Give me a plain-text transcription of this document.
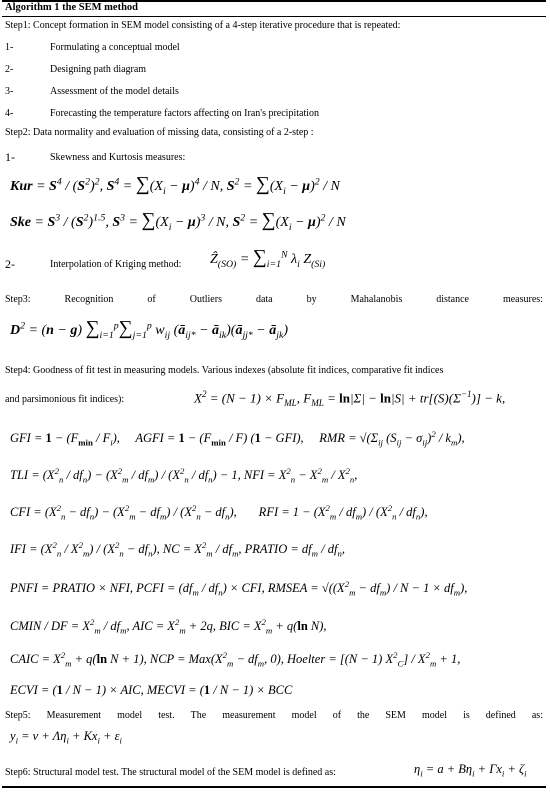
Algorithm 1 the SEM method
Step1: Concept formation in SEM model consisting of a 4-step iterative procedure that is repeated:
1-	Formulating a conceptual model
2-	Designing path diagram
3-	Assessment of the model details
4-	Forecasting the temperature factors affecting on Iran's precipitation
Step2: Data normality and evaluation of missing data, consisting of a 2-step :
1-	Skewness and Kurtosis measures:
Kur = $S^4 / (S^2)^2$, $S^4 = \sum(X_i - \mu)^4 / N$, $S^2 = \sum(X_i - \mu)^2 / N$
Ske = $S^3 / (S^2)^{1.5}$, $S^3 = \sum(X_i - \mu)^3 / N$, $S^2 = \sum(X_i - \mu)^2 / N$
2-	Interpolation of Kriging method: Ẑ$_{(SO)}$ = $\sum_{i=1}^N$ $\lambda_i$ $Z_{(Si)}$
Step3:	Recognition	of	Outliers	data	by	Mahalanobis	distance	measures:
$D^2 = (n - g)$ $\sum_{i=1}^p\sum_{j=1}^p$ $w_{ij}$ ($ā_{ij*}$ − $ā_{ik})(ā_{jj*}$ − $ā_{jk}$)
Step4: Goodness of fit test in measuring models. Various indexes (absolute fit indices, comparative fit indices
and parsimonious fit indices):	$X^2 = (N - 1) \times F_{ML}$, $F_{ML} = \ln|\Sigma| - \ln|S| + tr[(S)(\Sigma^{-1})] - k$,
GFI = $1 - (F_{min} / F_i)$,     AGFI = $1 - (F_{min} / F) (1 - GFI)$,     RMR = $√(\Sigma_{ij}$ $(S_{ij} - \sigma_{ij})^2 / k_m$),
TLI = $(X^2_n / df_n) - (X^2_m / df_m) / (X^2_n / df_n) - 1$, NFI = $X^2_n - X^2_m / X^2_n$,
CFI = $(X^2_n - df_n) - (X^2_m - df_m) / (X^2_n - df_n)$,       RFI = $1 - (X^2_m / df_m) / (X^2_n / df_n)$,
IFI = $(X^2_n / X^2_m) / (X^2_n - df_n)$, NC = $X^2_m / df_m$, PRATIO = $df_m / df_n$,
PNFI = PRATIO × NFI, PCFI = $(df_m / df_n)$ × CFI, RMSEA = $√((X^2_m - df_m) / N - 1 \times df_m)$,
CMIN / DF = $X^2_m / df_m$, AIC = $X^2_m + 2q$, BIC = $X^2_m + q(\ln$ N),
CAIC = $X^2_m + q(\ln$ N + 1), NCP = $Max(X^2_m - df_m$, 0), Hoelter = [(N − 1) $X^2_C] / X^2_m + 1$,
ECVI = (1 / N − 1) × AIC, MECVI = (1 / N − 1) × BCC
Step5: Measurement model test. The measurement model of the SEM model is defined as:
$y_i = \nu + \Lambda\eta_i + Kx_i + \varepsilon_i$
Step6: Structural model test. The structural model of the SEM model is defined as:	$\eta_i = a + B\eta_i + \Gamma x_i + \zeta_i$
